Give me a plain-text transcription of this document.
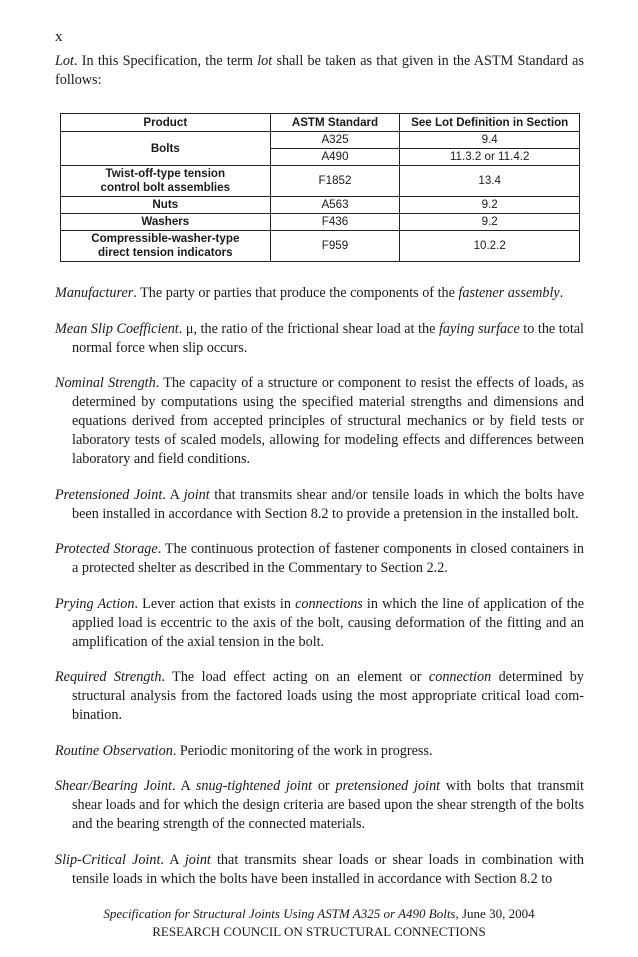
x

Lot. In this Specification, the term lot shall be taken as that given in the ASTM Standard as follows:

Product	ASTM Standard	See Lot Definition in Section
Bolts	A325	9.4
	A490	11.3.2 or 11.4.2
Twist-off-type tension
control bolt assemblies	F1852	13.4
Nuts	A563	9.2
Washers	F436	9.2
Compressible-washer-type
direct tension indicators	F959	10.2.2

Manufacturer. The party or parties that produce the components of the fastener assembly.

Mean Slip Coefficient. μ, the ratio of the frictional shear load at the faying surface to the total normal force when slip occurs.

Nominal Strength. The capacity of a structure or component to resist the effects of loads, as determined by computations using the specified material strengths and dimensions and equations derived from accepted principles of structural mechanics or by field tests or laboratory tests of scaled models, allowing for modeling effects and differences between laboratory and field conditions.

Pretensioned Joint. A joint that transmits shear and/or tensile loads in which the bolts have been installed in accordance with Section 8.2 to provide a pretension in the installed bolt.

Protected Storage. The continuous protection of fastener components in closed containers in a protected shelter as described in the Commentary to Section 2.2.

Prying Action. Lever action that exists in connections in which the line of application of the applied load is eccentric to the axis of the bolt, causing deformation of the fitting and an amplification of the axial tension in the bolt.

Required Strength. The load effect acting on an element or connection determined by structural analysis from the factored loads using the most appropriate critical load com-bination.

Routine Observation. Periodic monitoring of the work in progress.

Shear/Bearing Joint. A snug-tightened joint or pretensioned joint with bolts that transmit shear loads and for which the design criteria are based upon the shear strength of the bolts and the bearing strength of the connected materials.

Slip-Critical Joint. A joint that transmits shear loads or shear loads in combination with tensile loads in which the bolts have been installed in accordance with Section 8.2 to

Specification for Structural Joints Using ASTM A325 or A490 Bolts, June 30, 2004
RESEARCH COUNCIL ON STRUCTURAL CONNECTIONS
